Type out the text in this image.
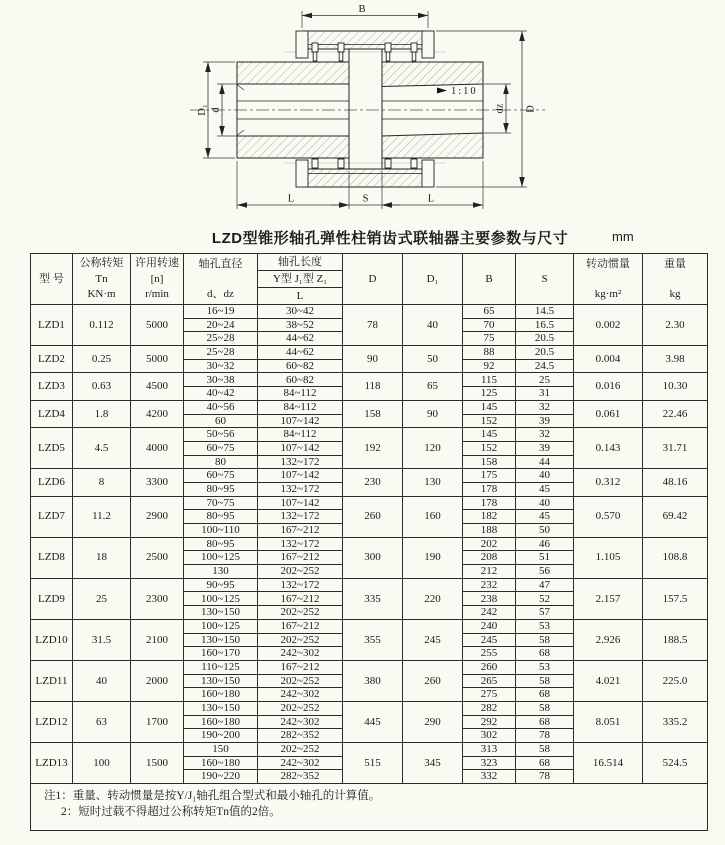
1:10
B
D
D₁ d	dz
L	S	L
LZD型锥形轴孔弹性柱销齿式联轴器主要参数与尺寸	mm
型 号	公称转矩
Tn
KN·m	许用转速
[n]
r/min	轴孔直径
d、dz	轴孔长度	D	D₁	B	S	转动惯量
kg·m²	重量
kg

				Y型 J₁型 Z₁						
				L						
LZD1	0.112	5000	16~19	30~42	78	40	65	14.5	0.002	2.30
			20~24	38~52			70	16.5		
			25~28	44~62			75	20.5		
LZD2	0.25	5000	25~28	44~62	90	50	88	20.5	0.004	3.98
			30~32	60~82			92	24.5		
LZD3	0.63	4500	30~38	60~82	118	65	115	25	0.016	10.30
			40~42	84~112			125	31		
LZD4	1.8	4200	40~56	84~112	158	90	145	32	0.061	22.46
			60	107~142			152	39		
LZD5	4.5	4000	50~56	84~112	192	120	145	32	0.143	31.71
			60~75	107~142			152	39		
			80	132~172			158	44		
LZD6	8	3300	60~75	107~142	230	130	175	40	0.312	48.16
			80~95	132~172			178	45		
LZD7	11.2	2900	70~75	107~142	260	160	178	40	0.570	69.42
			80~95	132~172			182	45		
			100~110	167~212			188	50		
LZD8	18	2500	80~95	132~172	300	190	202	46	1.105	108.8
			100~125	167~212			208	51		
			130	202~252			212	56		
LZD9	25	2300	90~95	132~172	335	220	232	47	2.157	157.5
			100~125	167~212			238	52		
			130~150	202~252			242	57		
LZD10	31.5	2100	100~125	167~212	355	245	240	53	2.926	188.5
			130~150	202~252			245	58		
			160~170	242~302			255	68		
LZD11	40	2000	110~125	167~212	380	260	260	53	4.021	225.0
			130~150	202~252			265	58		
			160~180	242~302			275	68		
LZD12	63	1700	130~150	202~252	445	290	282	58	8.051	335.2
			160~180	242~302			292	68		
			190~200	282~352			302	78		
LZD13	100	1500	150	202~252	515	345	313	58	16.514	524.5
			160~180	242~302			323	68		
			190~220	282~352			332	78		

注1：重量、转动惯量是按Y/J₁轴孔组合型式和最小轴孔的计算值。
2：短时过载不得超过公称转矩Tn值的2倍。										
